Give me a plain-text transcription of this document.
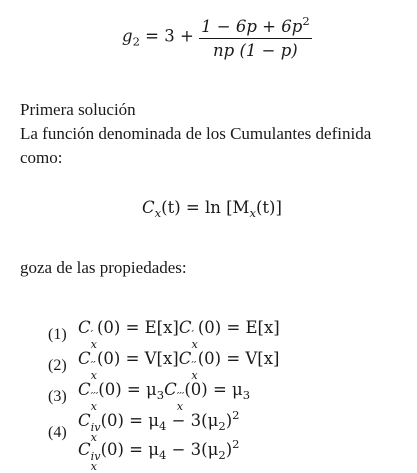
$g_2 = 3 + \frac{1 - 6p + 6p^2}{np (1 - p)}$
Primera solución
La función denominada de los Cumulantes definida
como:
$C_x(t) = \ln [M_x(t)]$
goza de las propiedades:
(1) C ′
x
(0) = E[x]C ′
x
(0) = E[x]
(2) C ′′
x
(0) = V[x]C ′′
x
(0) = V[x]
(3) C ′′′
x
$(0) = \mu_3C$ ′′′
x
$(0) = \mu_3$
(4)
C iv
x
$(0) = \mu_4 - 3(\mu_2)^2$
C iv
x
$(0) = \mu_4 - 3(\mu_2)^2$
